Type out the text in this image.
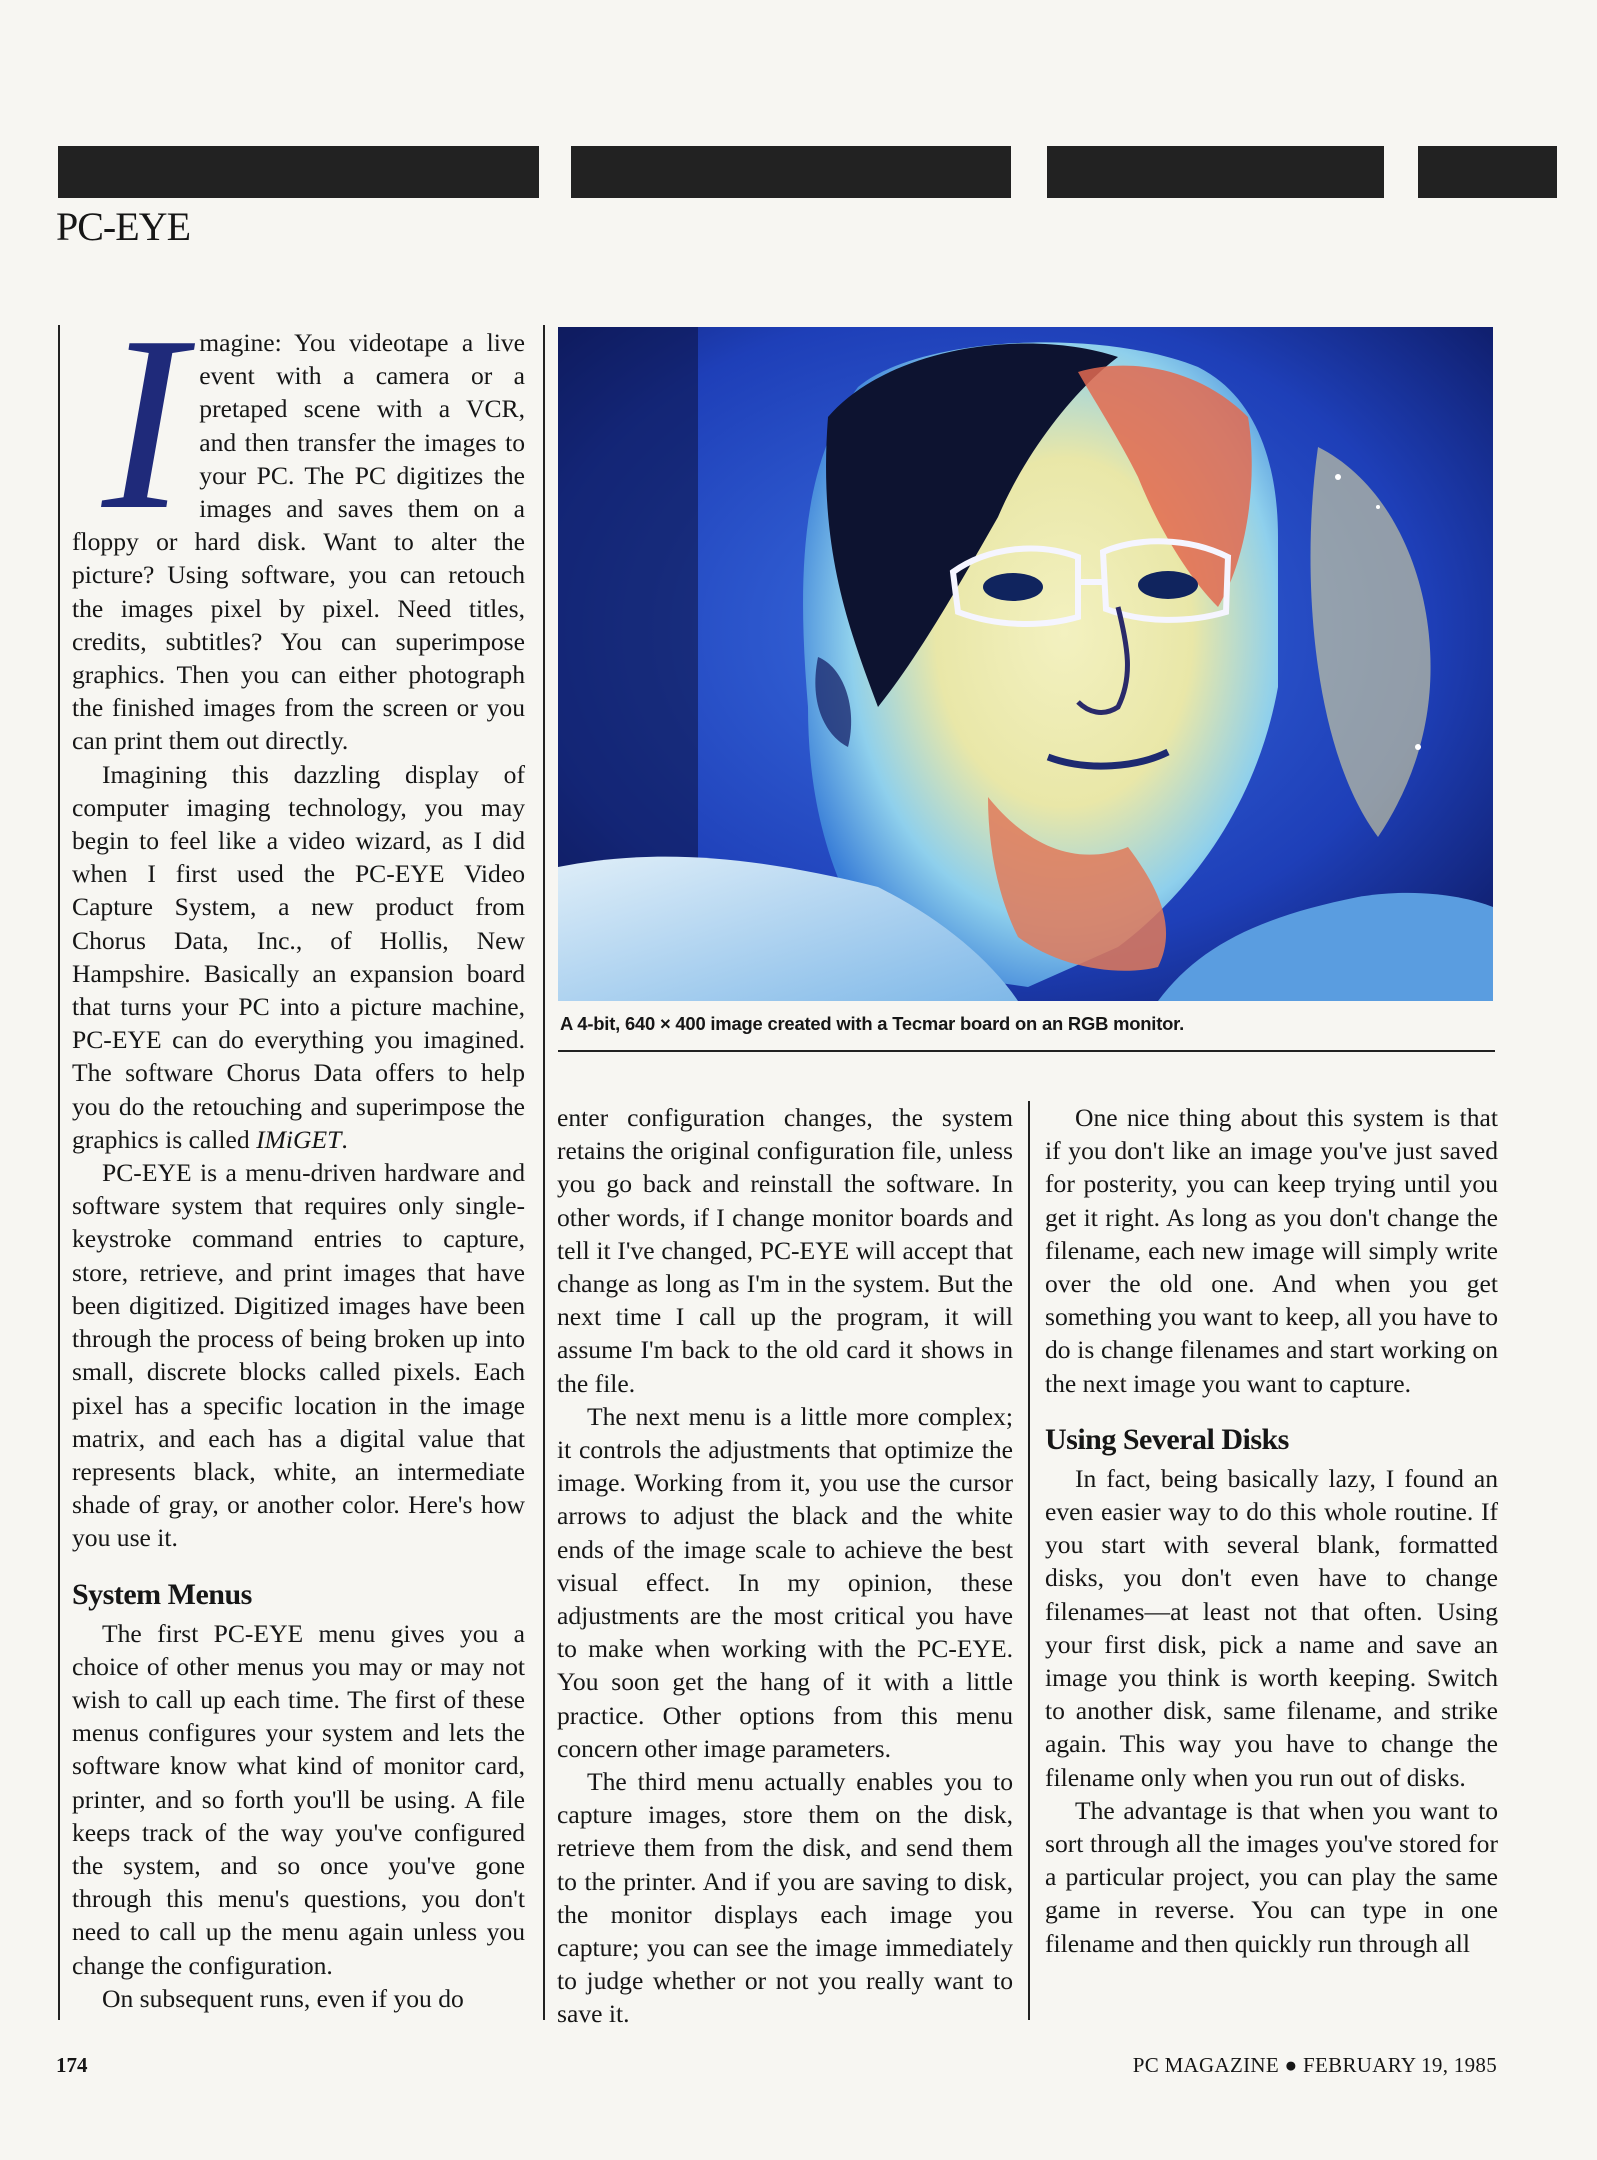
PC-EYE
I magine: You videotape a live event with a camera or a pretaped scene with a VCR, and then transfer the images to your PC. The PC digitizes the images and saves them on a floppy or hard disk. Want to alter the picture? Using software, you can retouch the images pixel by pixel. Need titles, credits, subtitles? You can superimpose graphics. Then you can either photograph the finished images from the screen or you can print them out directly.

Imagining this dazzling display of computer imaging technology, you may begin to feel like a video wizard, as I did when I first used the PC-EYE Video Capture System, a new product from Chorus Data, Inc., of Hollis, New Hampshire. Basically an expansion board that turns your PC into a picture machine, PC-EYE can do everything you imagined. The software Chorus Data offers to help you do the retouching and superimpose the graphics is called IMiGET.

PC-EYE is a menu-driven hardware and software system that requires only single-keystroke command entries to capture, store, retrieve, and print images that have been digitized. Digitized images have been through the process of being broken up into small, discrete blocks called pixels. Each pixel has a specific location in the image matrix, and each has a digital value that represents black, white, an intermediate shade of gray, or another color. Here's how you use it.

System Menus

The first PC-EYE menu gives you a choice of other menus you may or may not wish to call up each time. The first of these menus configures your system and lets the software know what kind of monitor card, printer, and so forth you'll be using. A file keeps track of the way you've configured the system, and so once you've gone through this menu's questions, you don't need to call up the menu again unless you change the configuration.

On subsequent runs, even if you do

A 4-bit, 640 × 400 image created with a Tecmar board on an RGB monitor.

enter configuration changes, the system retains the original configuration file, unless you go back and reinstall the software. In other words, if I change monitor boards and tell it I've changed, PC-EYE will accept that change as long as I'm in the system. But the next time I call up the program, it will assume I'm back to the old card it shows in the file.

The next menu is a little more complex; it controls the adjustments that optimize the image. Working from it, you use the cursor arrows to adjust the black and the white ends of the image scale to achieve the best visual effect. In my opinion, these adjustments are the most critical you have to make when working with the PC-EYE. You soon get the hang of it with a little practice. Other options from this menu concern other image parameters.

The third menu actually enables you to capture images, store them on the disk, retrieve them from the disk, and send them to the printer. And if you are saving to disk, the monitor displays each image you capture; you can see the image immediately to judge whether or not you really want to save it.

One nice thing about this system is that if you don't like an image you've just saved for posterity, you can keep trying until you get it right. As long as you don't change the filename, each new image will simply write over the old one. And when you get something you want to keep, all you have to do is change filenames and start working on the next image you want to capture.

Using Several Disks

In fact, being basically lazy, I found an even easier way to do this whole routine. If you start with several blank, formatted disks, you don't even have to change filenames—at least not that often. Using your first disk, pick a name and save an image you think is worth keeping. Switch to another disk, same filename, and strike again. This way you have to change the filename only when you run out of disks.

The advantage is that when you want to sort through all the images you've stored for a particular project, you can play the same game in reverse. You can type in one filename and then quickly run through all

174	PC MAGAZINE ● FEBRUARY 19, 1985
